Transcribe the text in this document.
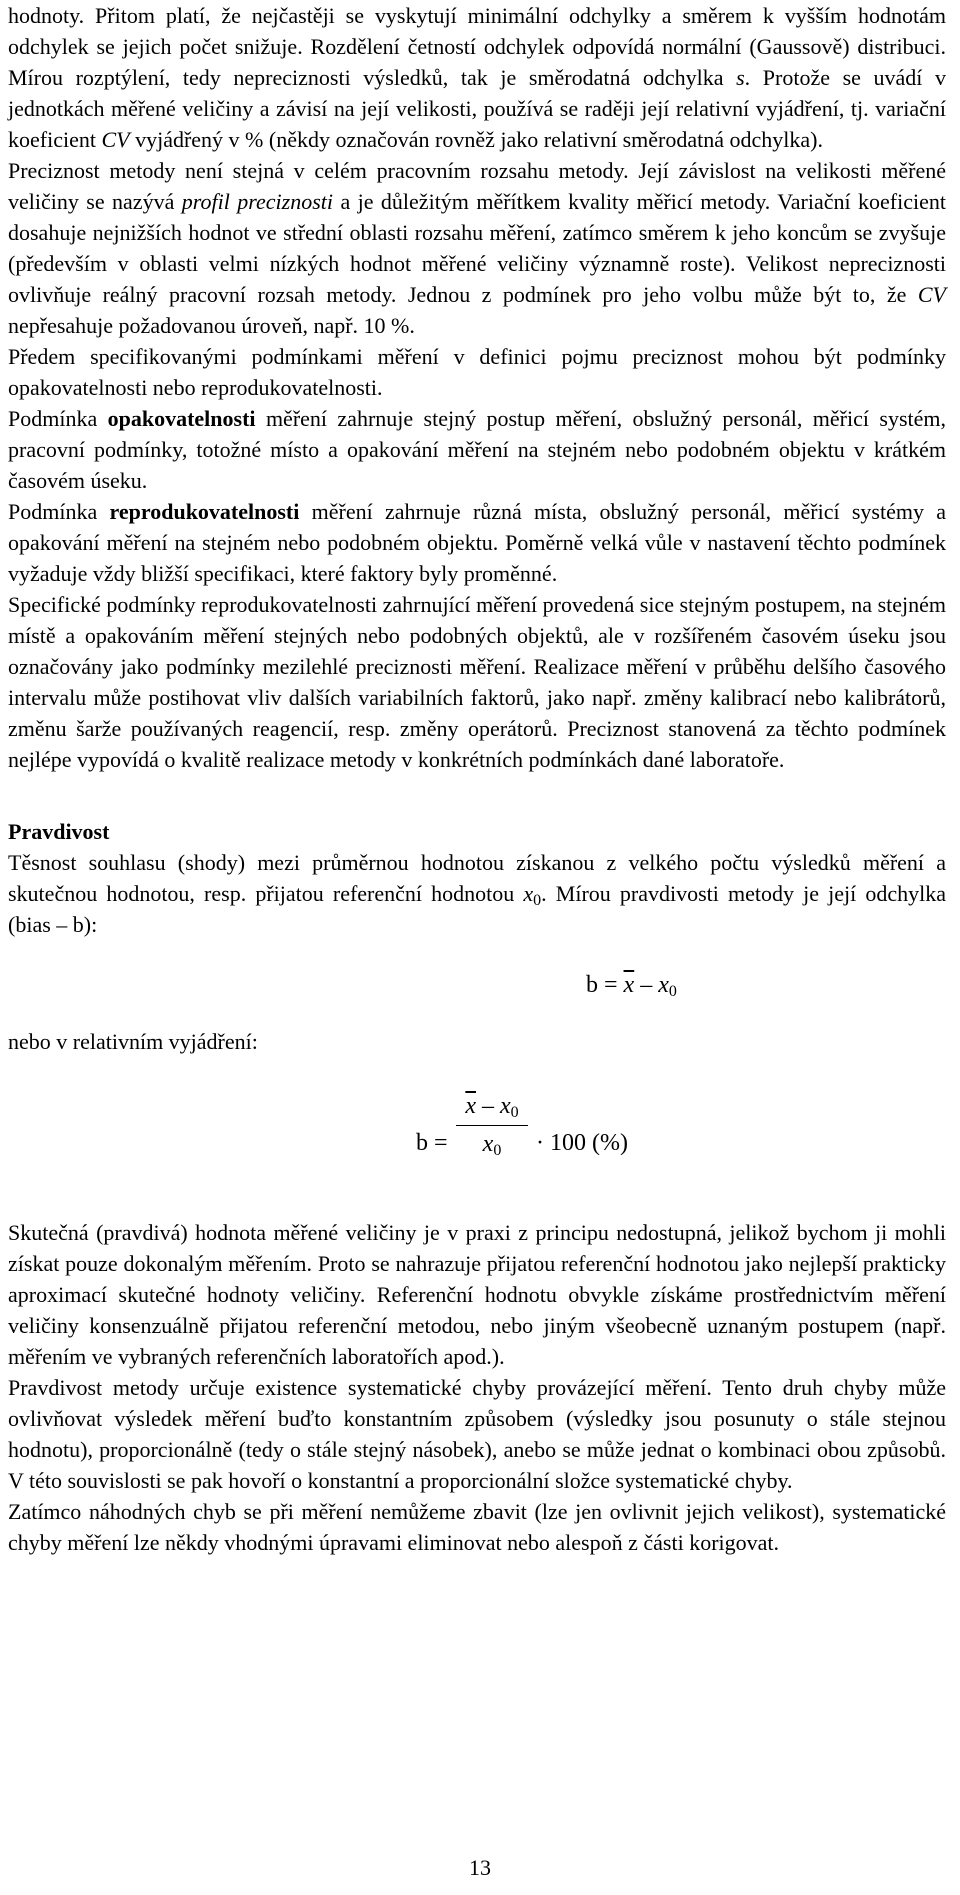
hodnoty. Přitom platí, že nejčastěji se vyskytují minimální odchylky a směrem k vyšším hodnotám odchylek se jejich počet snižuje. Rozdělení četností odchylek odpovídá normální (Gaussově) distribuci. Mírou rozptýlení, tedy nepreciznosti výsledků, tak je směrodatná odchylka s. Protože se uvádí v jednotkách měřené veličiny a závisí na její velikosti, používá se raději její relativní vyjádření, tj. variační koeficient CV vyjádřený v % (někdy označován rovněž jako relativní směrodatná odchylka).

Preciznost metody není stejná v celém pracovním rozsahu metody. Její závislost na velikosti měřené veličiny se nazývá profil preciznosti a je důležitým měřítkem kvality měřicí metody. Variační koeficient dosahuje nejnižších hodnot ve střední oblasti rozsahu měření, zatímco směrem k jeho koncům se zvyšuje (především v oblasti velmi nízkých hodnot měřené veličiny významně roste). Velikost nepreciznosti ovlivňuje reálný pracovní rozsah metody. Jednou z podmínek pro jeho volbu může být to, že CV nepřesahuje požadovanou úroveň, např. 10 %.

Předem specifikovanými podmínkami měření v definici pojmu preciznost mohou být podmínky opakovatelnosti nebo reprodukovatelnosti.

Podmínka opakovatelnosti měření zahrnuje stejný postup měření, obslužný personál, měřicí systém, pracovní podmínky, totožné místo a opakování měření na stejném nebo podobném objektu v krátkém časovém úseku.

Podmínka reprodukovatelnosti měření zahrnuje různá místa, obslužný personál, měřicí systémy a opakování měření na stejném nebo podobném objektu. Poměrně velká vůle v nastavení těchto podmínek vyžaduje vždy bližší specifikaci, které faktory byly proměnné.

Specifické podmínky reprodukovatelnosti zahrnující měření provedená sice stejným postupem, na stejném místě a opakováním měření stejných nebo podobných objektů, ale v rozšířeném časovém úseku jsou označovány jako podmínky mezilehlé preciznosti měření. Realizace měření v průběhu delšího časového intervalu může postihovat vliv dalších variabilních faktorů, jako např. změny kalibrací nebo kalibrátorů, změnu šarže používaných reagencií, resp. změny operátorů. Preciznost stanovená za těchto podmínek nejlépe vypovídá o kvalitě realizace metody v konkrétních podmínkách dané laboratoře.

Pravdivost

Těsnost souhlasu (shody) mezi průměrnou hodnotou získanou z velkého počtu výsledků měření a skutečnou hodnotou, resp. přijatou referenční hodnotou $x_0$. Mírou pravdivosti metody je její odchylka (bias – b):

$b = \overline{x} - x_0$

nebo v relativním vyjádření:

$b = \frac{\overline{x} - x_0}{x_0} \cdot 100$ (%)

Skutečná (pravdivá) hodnota měřené veličiny je v praxi z principu nedostupná, jelikož bychom ji mohli získat pouze dokonalým měřením. Proto se nahrazuje přijatou referenční hodnotou jako nejlepší prakticky aproximací skutečné hodnoty veličiny. Referenční hodnotu obvykle získáme prostřednictvím měření veličiny konsenzuálně přijatou referenční metodou, nebo jiným všeobecně uznaným postupem (např. měřením ve vybraných referenčních laboratořích apod.).

Pravdivost metody určuje existence systematické chyby provázející měření. Tento druh chyby může ovlivňovat výsledek měření buďto konstantním způsobem (výsledky jsou posunuty o stále stejnou hodnotu), proporcionálně (tedy o stále stejný násobek), anebo se může jednat o kombinaci obou způsobů. V této souvislosti se pak hovoří o konstantní a proporcionální složce systematické chyby.

Zatímco náhodných chyb se při měření nemůžeme zbavit (lze jen ovlivnit jejich velikost), systematické chyby měření lze někdy vhodnými úpravami eliminovat nebo alespoň z části korigovat.

13
